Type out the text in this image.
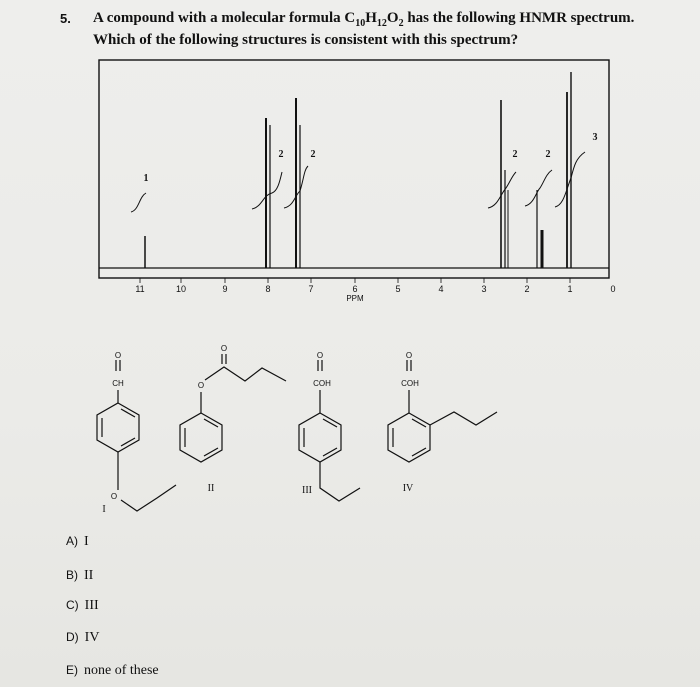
5. A compound with a molecular formula $C_{10}H_{12}O_2$ has the following HNMR spectrum.
Which of the following structures is consistent with this spectrum?
11	10	9	8	7	6	5	4	3	2	1	0
PPM
1
2	2	2	2
3
O
CH
O
I
O
O
II
O
COH
III
O
COH
IV
A) I
B) II
C) III
D) IV
E) none of these
